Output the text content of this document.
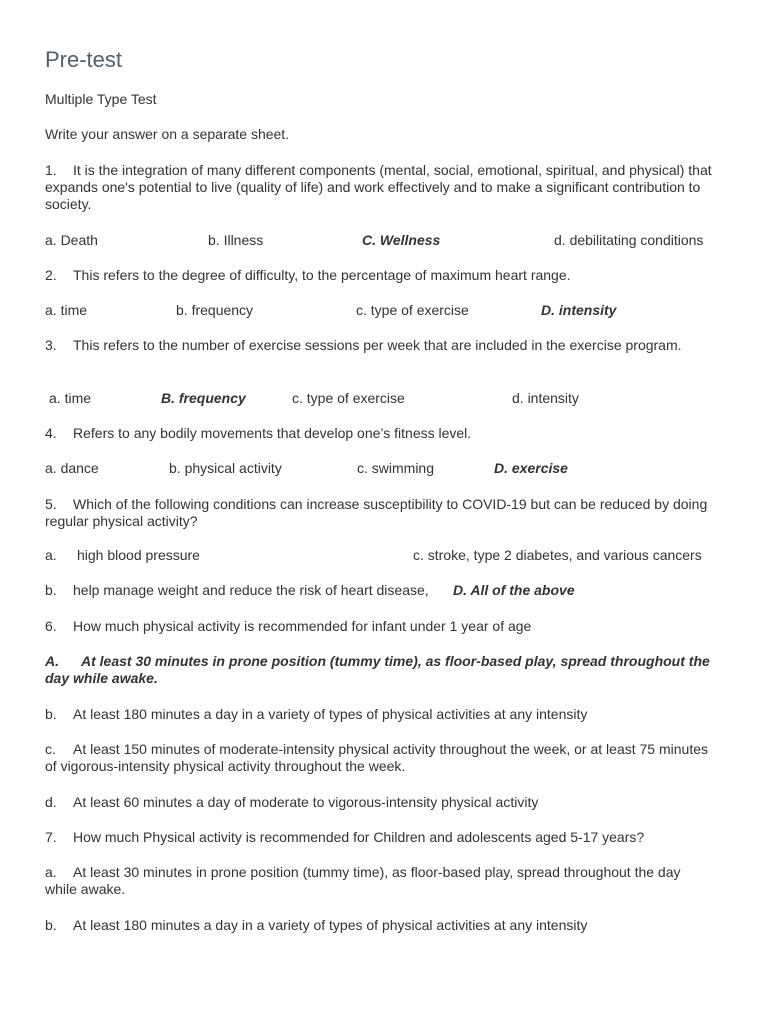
Pre-test
Multiple Type Test
Write your answer on a separate sheet.
1. It is the integration of many different components (mental, social, emotional, spiritual, and physical) that expands one's potential to live (quality of life) and work effectively and to make a significant contribution to society.
a. Death	b. Illness	C. Wellness	d. debilitating conditions
2. This refers to the degree of difficulty, to the percentage of maximum heart range.
a. time	b. frequency	c. type of exercise	D. intensity
3. This refers to the number of exercise sessions per week that are included in the exercise program.
a. time	B. frequency	c. type of exercise	d. intensity
4. Refers to any bodily movements that develop one’s fitness level.
a. dance	b. physical activity	c. swimming	D. exercise
5. Which of the following conditions can increase susceptibility to COVID-19 but can be reduced by doing regular physical activity?
a. high blood pressure	c. stroke, type 2 diabetes, and various cancers
b. help manage weight and reduce the risk of heart disease, D. All of the above
6. How much physical activity is recommended for infant under 1 year of age
A. At least 30 minutes in prone position (tummy time), as floor-based play, spread throughout the day while awake.
b. At least 180 minutes a day in a variety of types of physical activities at any intensity
c. At least 150 minutes of moderate-intensity physical activity throughout the week, or at least 75 minutes of vigorous-intensity physical activity throughout the week.
d. At least 60 minutes a day of moderate to vigorous-intensity physical activity
7. How much Physical activity is recommended for Children and adolescents aged 5-17 years?
a. At least 30 minutes in prone position (tummy time), as floor-based play, spread throughout the day while awake.
b. At least 180 minutes a day in a variety of types of physical activities at any intensity
